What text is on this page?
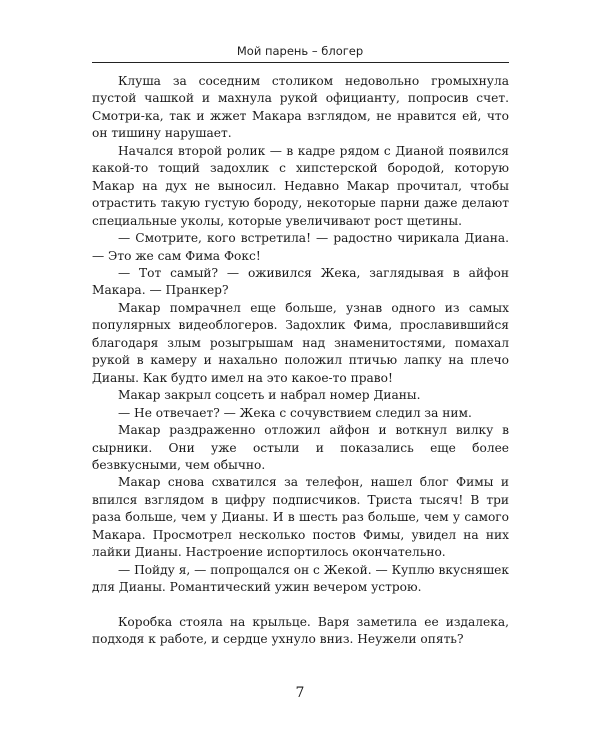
Мой парень – блогер

Клуша за соседним столиком недовольно громыхнула пустой чашкой и махнула рукой официанту, попросив счет. Смотри-ка, так и жжет Макара взглядом, не нравится ей, что он тишину нарушает.

Начался второй ролик — в кадре рядом с Дианой появился какой-то тощий задохлик с хипстерской бородой, которую Макар на дух не выносил. Недавно Макар прочитал, чтобы отрастить такую густую бороду, некоторые парни даже делают специальные уколы, которые увеличивают рост щетины.

— Смотрите, кого встретила! — радостно чирикала Диана. — Это же сам Фима Фокс!

— Тот самый? — оживился Жека, заглядывая в айфон Макара. — Пранкер?

Макар помрачнел еще больше, узнав одного из самых популярных видеоблогеров. Задохлик Фима, прославившийся благодаря злым розыгрышам над знаменитостями, помахал рукой в камеру и нахально положил птичью лапку на плечо Дианы. Как будто имел на это какое-то право!

Макар закрыл соцсеть и набрал номер Дианы.

— Не отвечает? — Жека с сочувствием следил за ним.

Макар раздраженно отложил айфон и воткнул вилку в сырники. Они уже остыли и показались еще более безвкусными, чем обычно.

Макар снова схватился за телефон, нашел блог Фимы и впился взглядом в цифру подписчиков. Триста тысяч! В три раза больше, чем у Дианы. И в шесть раз больше, чем у самого Макара. Просмотрел несколько постов Фимы, увидел на них лайки Дианы. Настроение испортилось окончательно.

— Пойду я, — попрощался он с Жекой. — Куплю вкусняшек для Дианы. Романтический ужин вечером устрою.

Коробка стояла на крыльце. Варя заметила ее издалека, подходя к работе, и сердце ухнуло вниз. Неужели опять?

7
